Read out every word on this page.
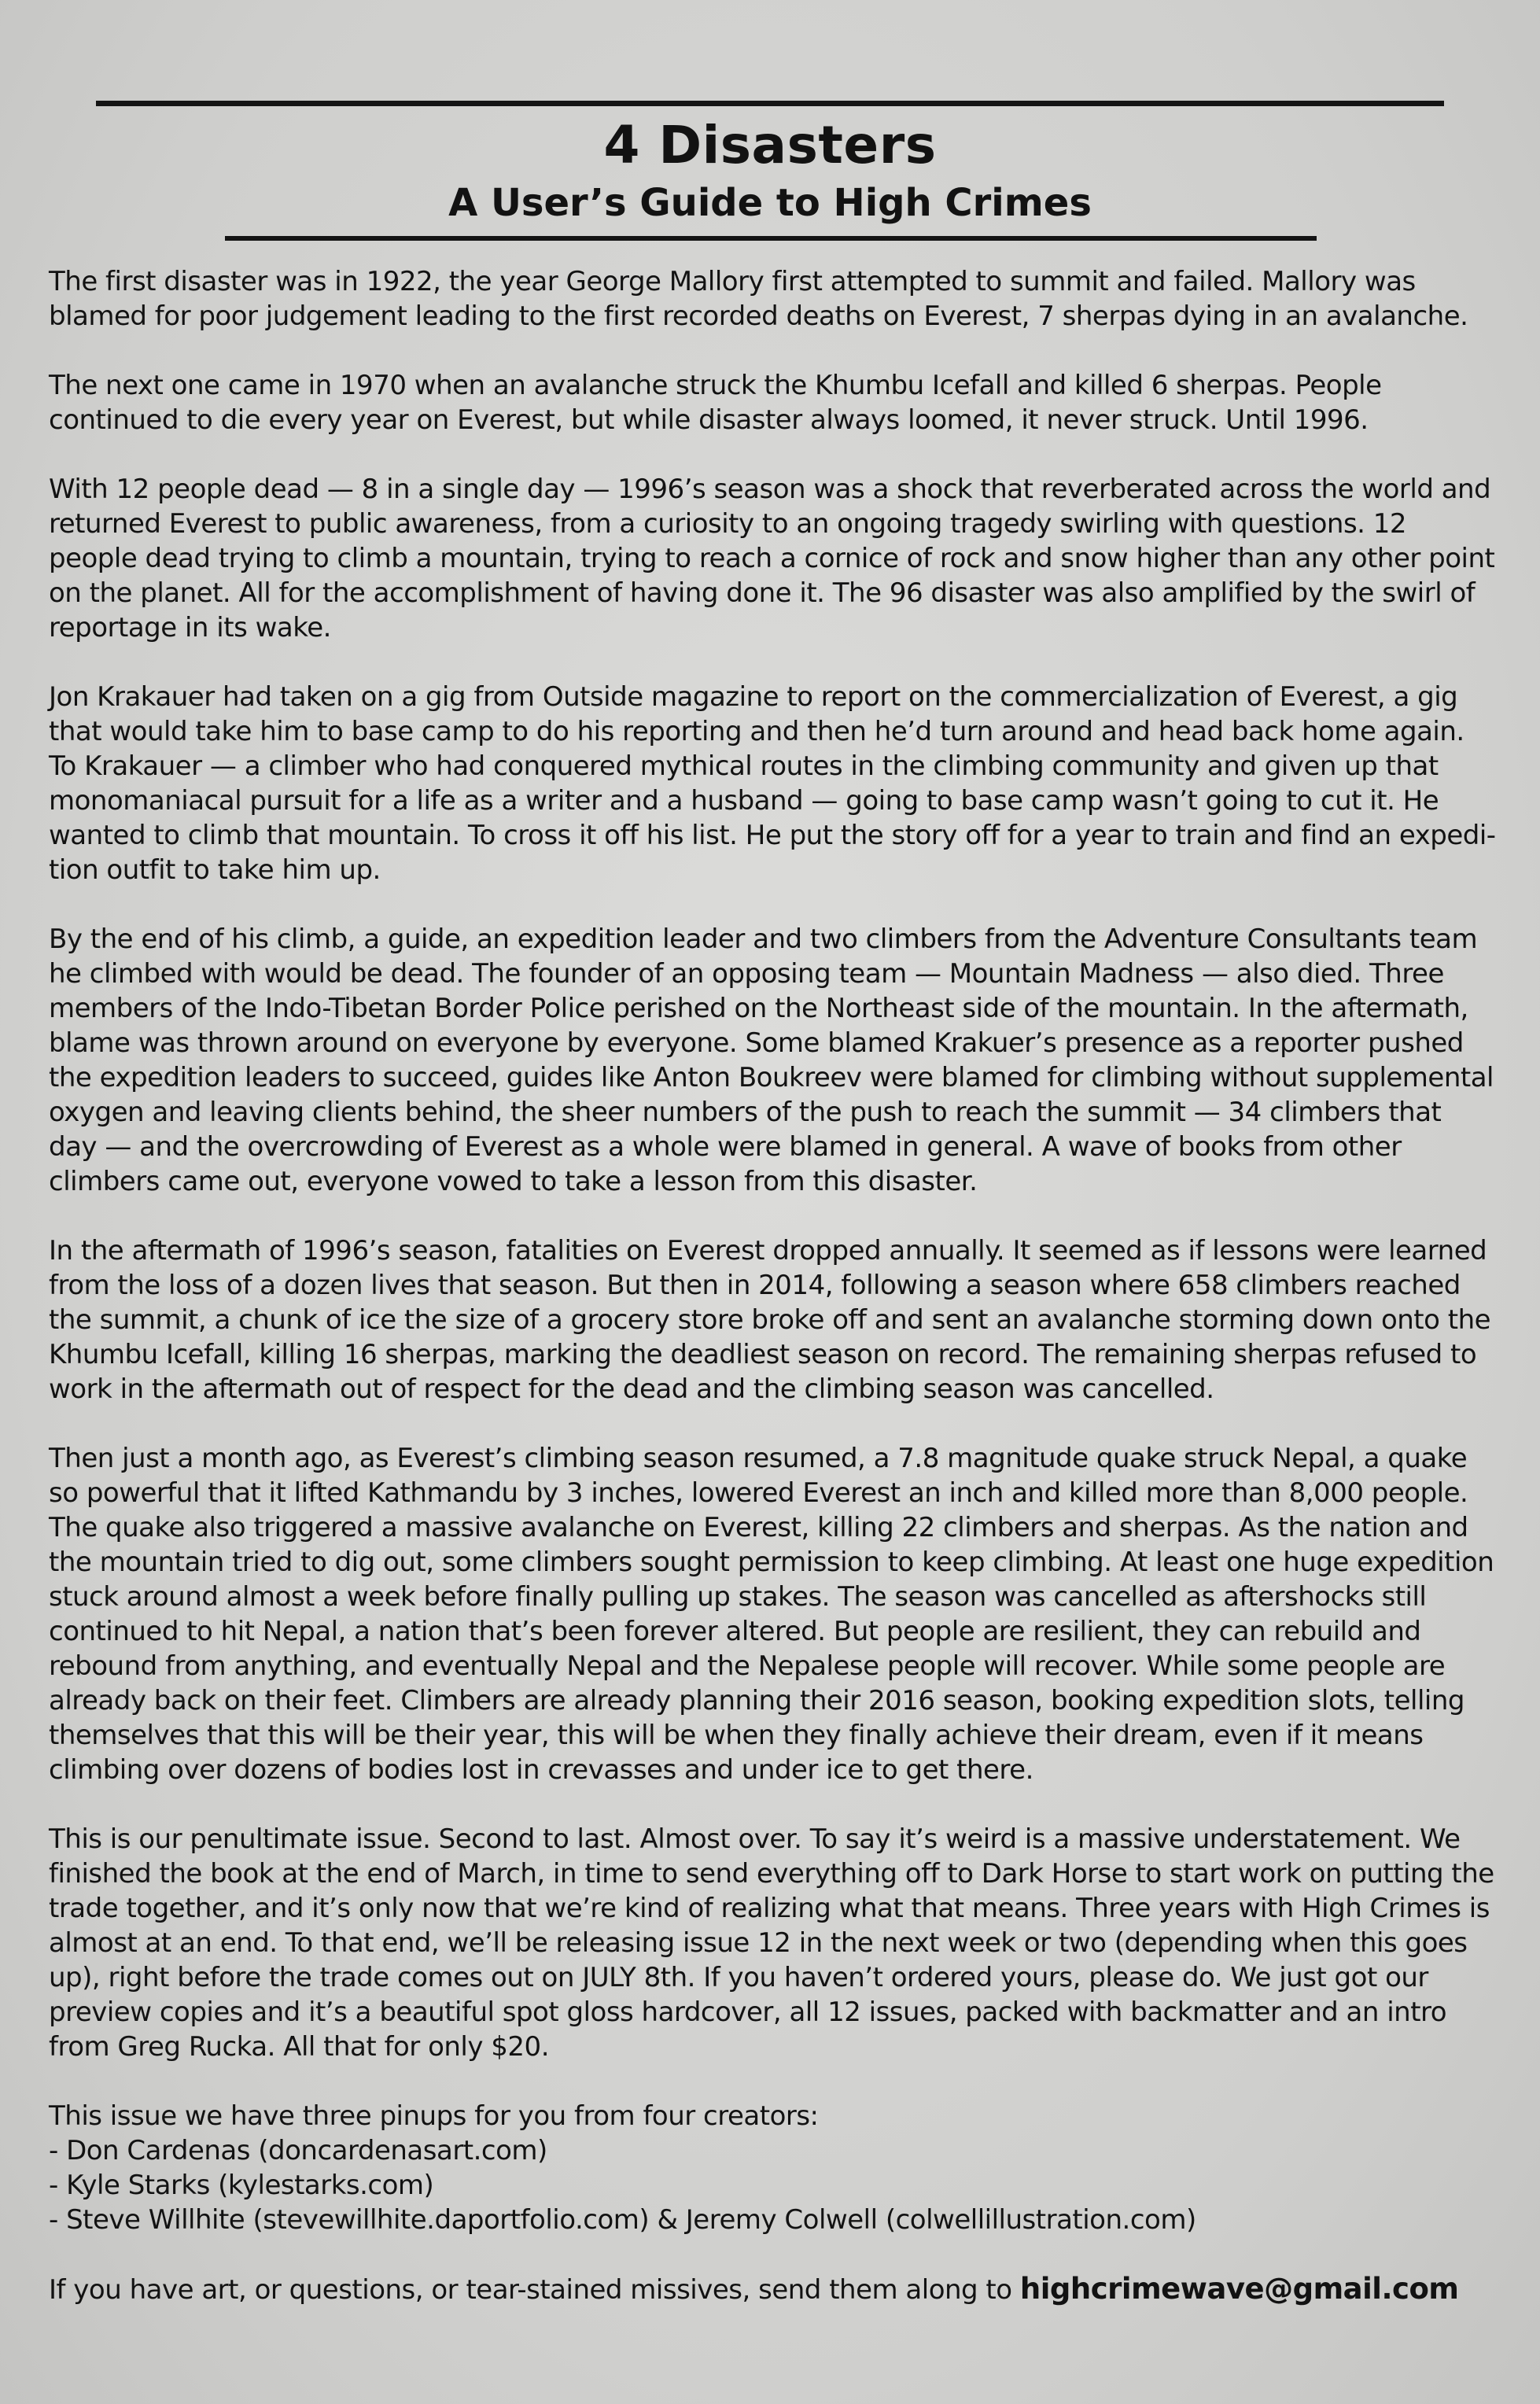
4 Disasters
A User’s Guide to High Crimes

The first disaster was in 1922, the year George Mallory first attempted to summit and failed. Mallory was blamed for poor judgement leading to the first recorded deaths on Everest, 7 sherpas dying in an avalanche.

The next one came in 1970 when an avalanche struck the Khumbu Icefall and killed 6 sherpas. People continued to die every year on Everest, but while disaster always loomed, it never struck. Until 1996.

With 12 people dead — 8 in a single day — 1996’s season was a shock that reverberated across the world and returned Everest to public awareness, from a curiosity to an ongoing tragedy swirling with questions. 12 people dead trying to climb a mountain, trying to reach a cornice of rock and snow higher than any other point on the planet. All for the accomplishment of having done it. The 96 disaster was also amplified by the swirl of reportage in its wake.

Jon Krakauer had taken on a gig from Outside magazine to report on the commercialization of Everest, a gig that would take him to base camp to do his reporting and then he’d turn around and head back home again. To Krakauer — a climber who had conquered mythical routes in the climbing community and given up that monomaniacal pursuit for a life as a writer and a husband — going to base camp wasn’t going to cut it. He wanted to climb that mountain. To cross it off his list. He put the story off for a year to train and find an expedi-tion outfit to take him up.

By the end of his climb, a guide, an expedition leader and two climbers from the Adventure Consultants team he climbed with would be dead. The founder of an opposing team — Mountain Madness — also died. Three members of the Indo-Tibetan Border Police perished on the Northeast side of the mountain. In the aftermath, blame was thrown around on everyone by everyone. Some blamed Krakuer’s presence as a reporter pushed the expedition leaders to succeed, guides like Anton Boukreev were blamed for climbing without supplemental oxygen and leaving clients behind, the sheer numbers of the push to reach the summit — 34 climbers that day — and the overcrowding of Everest as a whole were blamed in general. A wave of books from other climbers came out, everyone vowed to take a lesson from this disaster.

In the aftermath of 1996’s season, fatalities on Everest dropped annually. It seemed as if lessons were learned from the loss of a dozen lives that season. But then in 2014, following a season where 658 climbers reached the summit, a chunk of ice the size of a grocery store broke off and sent an avalanche storming down onto the Khumbu Icefall, killing 16 sherpas, marking the deadliest season on record. The remaining sherpas refused to work in the aftermath out of respect for the dead and the climbing season was cancelled.

Then just a month ago, as Everest’s climbing season resumed, a 7.8 magnitude quake struck Nepal, a quake so powerful that it lifted Kathmandu by 3 inches, lowered Everest an inch and killed more than 8,000 people. The quake also triggered a massive avalanche on Everest, killing 22 climbers and sherpas. As the nation and the mountain tried to dig out, some climbers sought permission to keep climbing. At least one huge expedition stuck around almost a week before finally pulling up stakes. The season was cancelled as aftershocks still continued to hit Nepal, a nation that’s been forever altered. But people are resilient, they can rebuild and rebound from anything, and eventually Nepal and the Nepalese people will recover. While some people are already back on their feet. Climbers are already planning their 2016 season, booking expedition slots, telling themselves that this will be their year, this will be when they finally achieve their dream, even if it means climbing over dozens of bodies lost in crevasses and under ice to get there.

This is our penultimate issue. Second to last. Almost over. To say it’s weird is a massive understatement. We finished the book at the end of March, in time to send everything off to Dark Horse to start work on putting the trade together, and it’s only now that we’re kind of realizing what that means. Three years with High Crimes is almost at an end. To that end, we’ll be releasing issue 12 in the next week or two (depending when this goes up), right before the trade comes out on JULY 8th. If you haven’t ordered yours, please do. We just got our preview copies and it’s a beautiful spot gloss hardcover, all 12 issues, packed with backmatter and an intro from Greg Rucka. All that for only $20.

This issue we have three pinups for you from four creators:

- Don Cardenas (doncardenasart.com)

- Kyle Starks (kylestarks.com)

- Steve Willhite (stevewillhite.daportfolio.com) & Jeremy Colwell (colwellillustration.com)

If you have art, or questions, or tear-stained missives, send them along to highcrimewave@gmail.com
